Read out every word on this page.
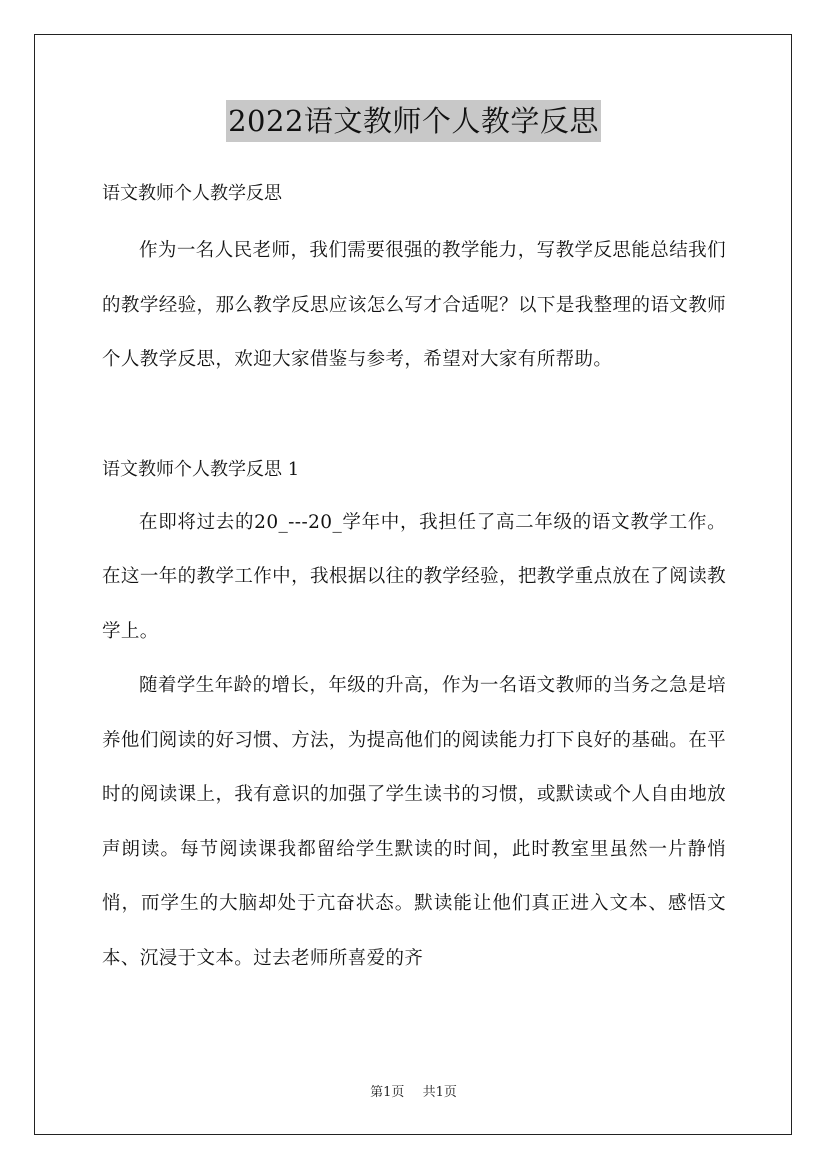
2022语文教师个人教学反思

语文教师个人教学反思

作为一名人民老师，我们需要很强的教学能力，写教学反思能总结我们的教学经验，那么教学反思应该怎么写才合适呢？以下是我整理的语文教师个人教学反思，欢迎大家借鉴与参考，希望对大家有所帮助。

语文教师个人教学反思 1

在即将过去的20_---20_学年中，我担任了高二年级的语文教学工作。在这一年的教学工作中，我根据以往的教学经验，把教学重点放在了阅读教学上。

随着学生年龄的增长，年级的升高，作为一名语文教师的当务之急是培养他们阅读的好习惯、方法，为提高他们的阅读能力打下良好的基础。在平时的阅读课上，我有意识的加强了学生读书的习惯，或默读或个人自由地放声朗读。每节阅读课我都留给学生默读的时间，此时教室里虽然一片静悄悄，而学生的大脑却处于亢奋状态。默读能让他们真正进入文本、感悟文本、沉浸于文本。过去老师所喜爱的齐

第1页 共1页
